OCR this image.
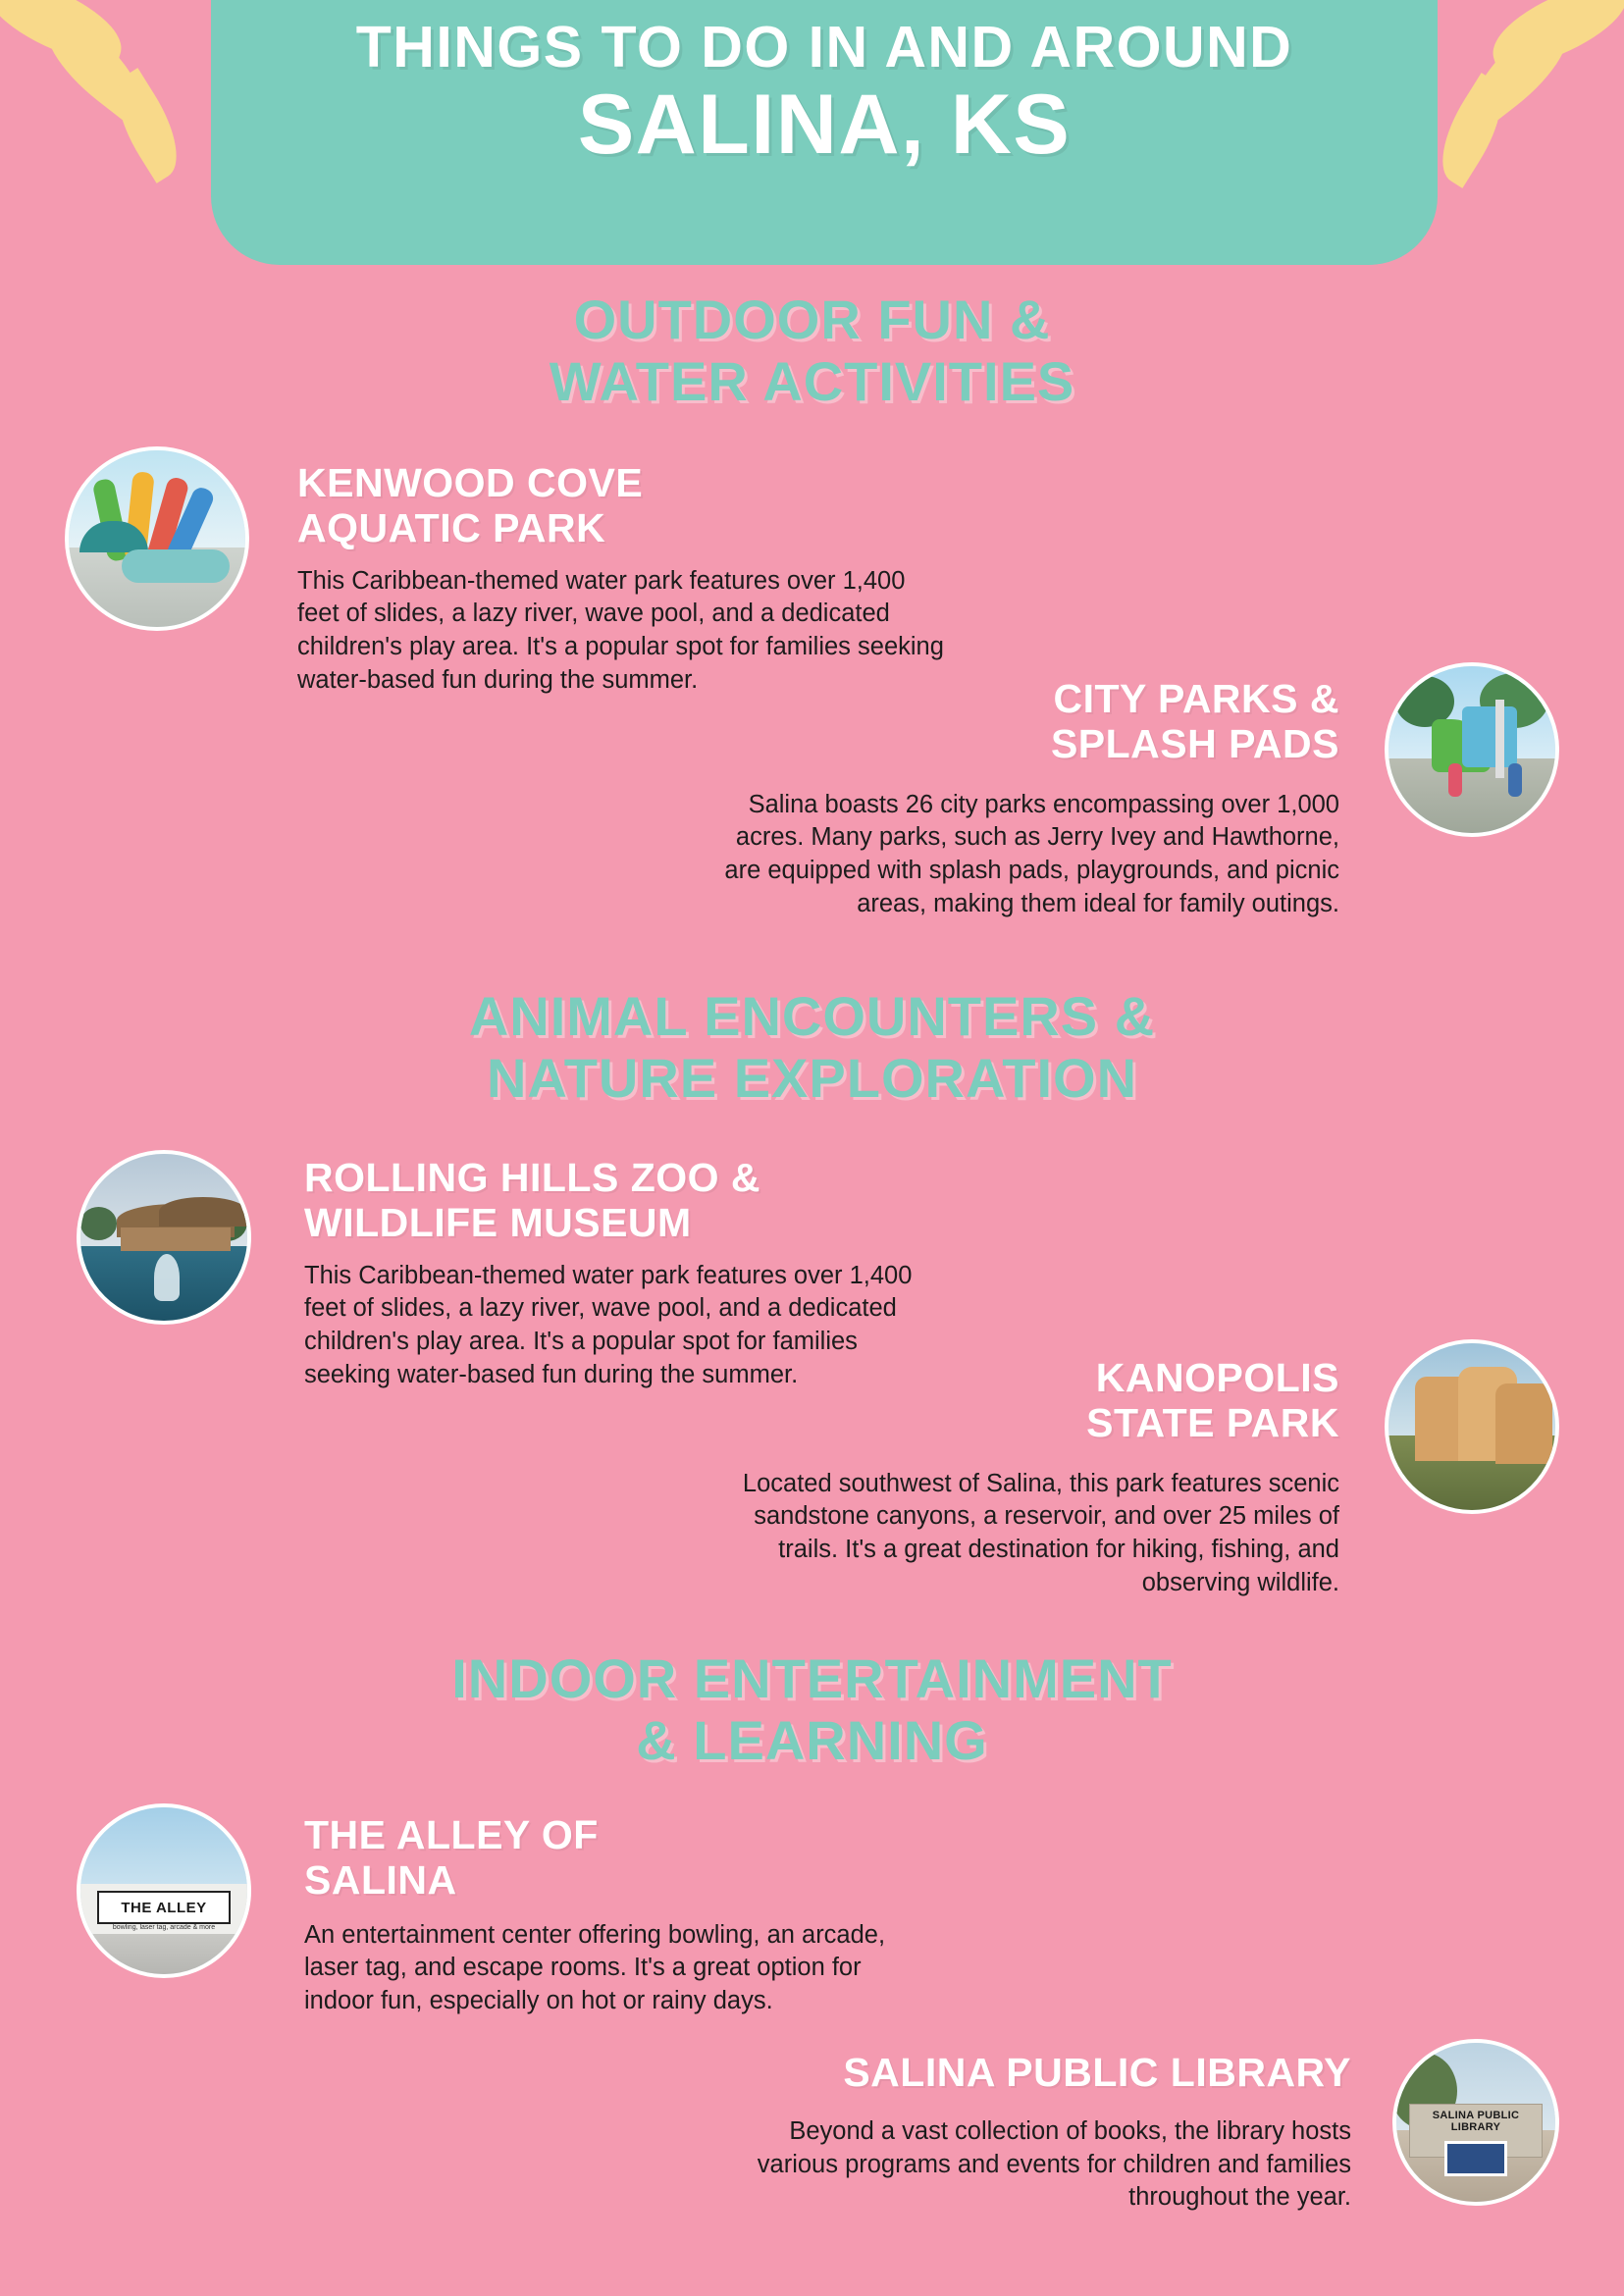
THINGS TO DO IN AND AROUND
SALINA, KS
OUTDOOR FUN &
WATER ACTIVITIES
KENWOOD COVE
AQUATIC PARK
This Caribbean-themed water park features over 1,400 feet of slides, a lazy river, wave pool, and a dedicated children's play area. It's a popular spot for families seeking water-based fun during the summer.	CITY PARKS &
SPLASH PADS
Salina boasts 26 city parks encompassing over 1,000 acres. Many parks, such as Jerry Ivey and Hawthorne, are equipped with splash pads, playgrounds, and picnic areas, making them ideal for family outings.
ANIMAL ENCOUNTERS &
NATURE EXPLORATION
ROLLING HILLS ZOO &
WILDLIFE MUSEUM
This Caribbean-themed water park features over 1,400 feet of slides, a lazy river, wave pool, and a dedicated children's play area. It's a popular spot for families seeking water-based fun during the summer.	KANOPOLIS
STATE PARK
Located southwest of Salina, this park features scenic sandstone canyons, a reservoir, and over 25 miles of trails. It's a great destination for hiking, fishing, and observing wildlife.
INDOOR ENTERTAINMENT
& LEARNING
THE ALLEY
bowling, laser tag, arcade & more
THE ALLEY OF
SALINA
An entertainment center offering bowling, an arcade, laser tag, and escape rooms. It's a great option for indoor fun, especially on hot or rainy days.
SALINA PUBLIC LIBRARY
SALINA PUBLIC LIBRARY
Beyond a vast collection of books, the library hosts various programs and events for children and families throughout the year.
